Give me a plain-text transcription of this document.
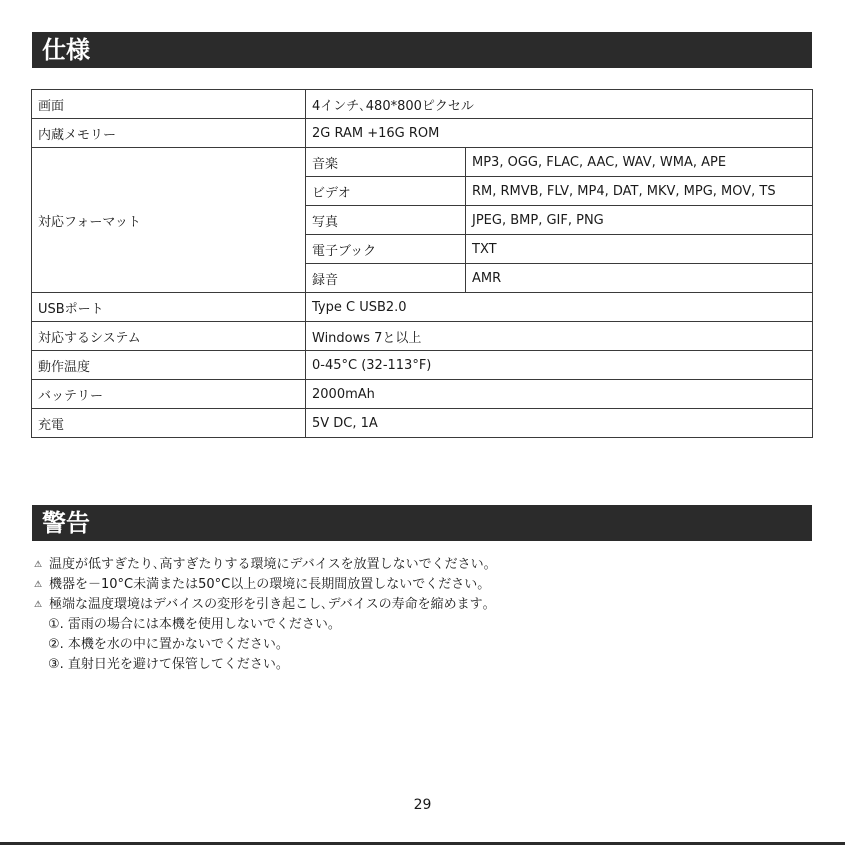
仕様
画面	4インチ､480*800ピクセル	
内蔵メモリー	2G RAM +16G ROM	
対応フォーマット	音楽	MP3, OGG, FLAC, AAC, WAV, WMA, APE
	ビデオ	RM, RMVB, FLV, MP4, DAT, MKV, MPG, MOV, TS
	写真	JPEG, BMP, GIF, PNG
	電子ブック	TXT
	録音	AMR
USBポート	Type C USB2.0	
対応するシステム	Windows 7と以上	
動作温度	0-45°C (32-113°F)	
バッテリー	2000mAh	
充電	5V DC, 1A	
警告
⚠ 温度が低すぎたり､高すぎたりする環境にデバイスを放置しないでください｡
⚠ 機器を－10°C未満または50°C以上の環境に長期間放置しないでください｡
⚠ 極端な温度環境はデバイスの変形を引き起こし､デバイスの寿命を縮めます｡
①. 雷雨の場合には本機を使用しないでください｡
②. 本機を水の中に置かないでください｡
③. 直射日光を避けて保管してください｡
29
